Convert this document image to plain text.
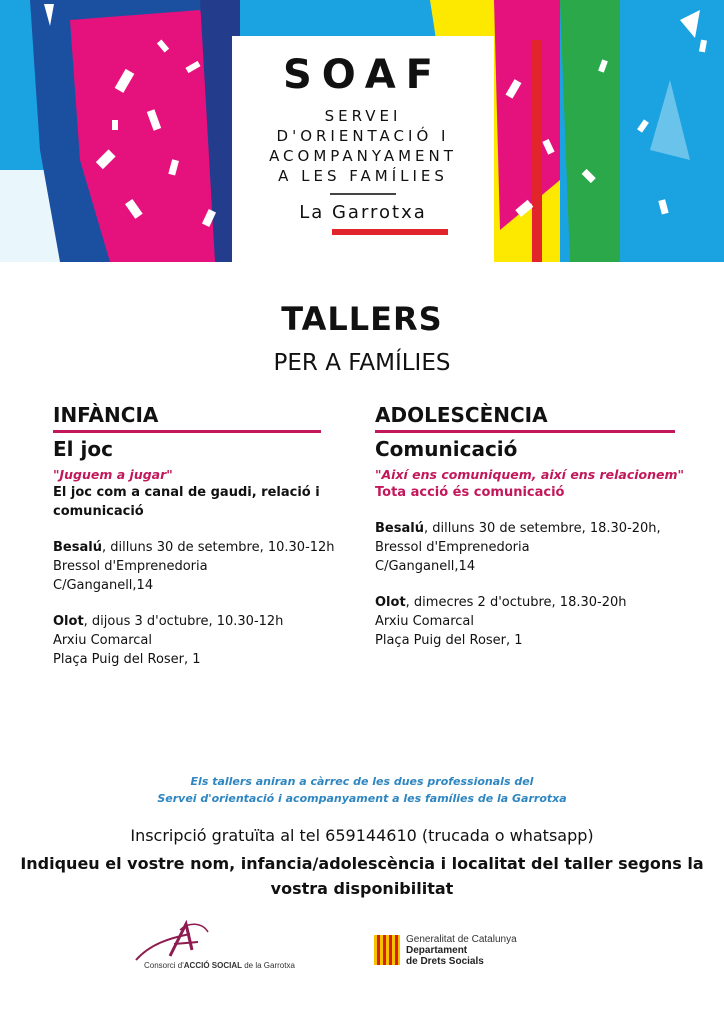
SOAF
SERVEI
D'ORIENTACIÓ I
ACOMPANYAMENT
A LES FAMÍLIES
La Garrotxa
TALLERS
PER A FAMÍLIES
INFÀNCIA
El joc
"Juguem a jugar"
El joc com a canal de gaudi, relació i comunicació
Besalú, dilluns 30 de setembre, 10.30-12h
Bressol d'Emprenedoria
C/Ganganell,14
Olot, dijous 3 d'octubre, 10.30-12h
Arxiu Comarcal
Plaça Puig del Roser, 1
ADOLESCÈNCIA
Comunicació
"Així ens comuniquem, així ens relacionem"
Tota acció és comunicació
Besalú, dilluns 30 de setembre, 18.30-20h,
Bressol d'Emprenedoria
C/Ganganell,14
Olot, dimecres 2 d'octubre, 18.30-20h
Arxiu Comarcal
Plaça Puig del Roser, 1
Els tallers aniran a càrrec de les dues professionals del
Servei d'orientació i acompanyament a les famílies de la Garrotxa
Inscripció gratuïta al tel 659144610 (trucada o whatsapp)
Indiqueu el vostre nom, infancia/adolescència i localitat del taller segons la vostra disponibilitat
Consorci d'ACCIÓ SOCIAL de la Garrotxa
Generalitat de Catalunya
Departament
de Drets Socials
